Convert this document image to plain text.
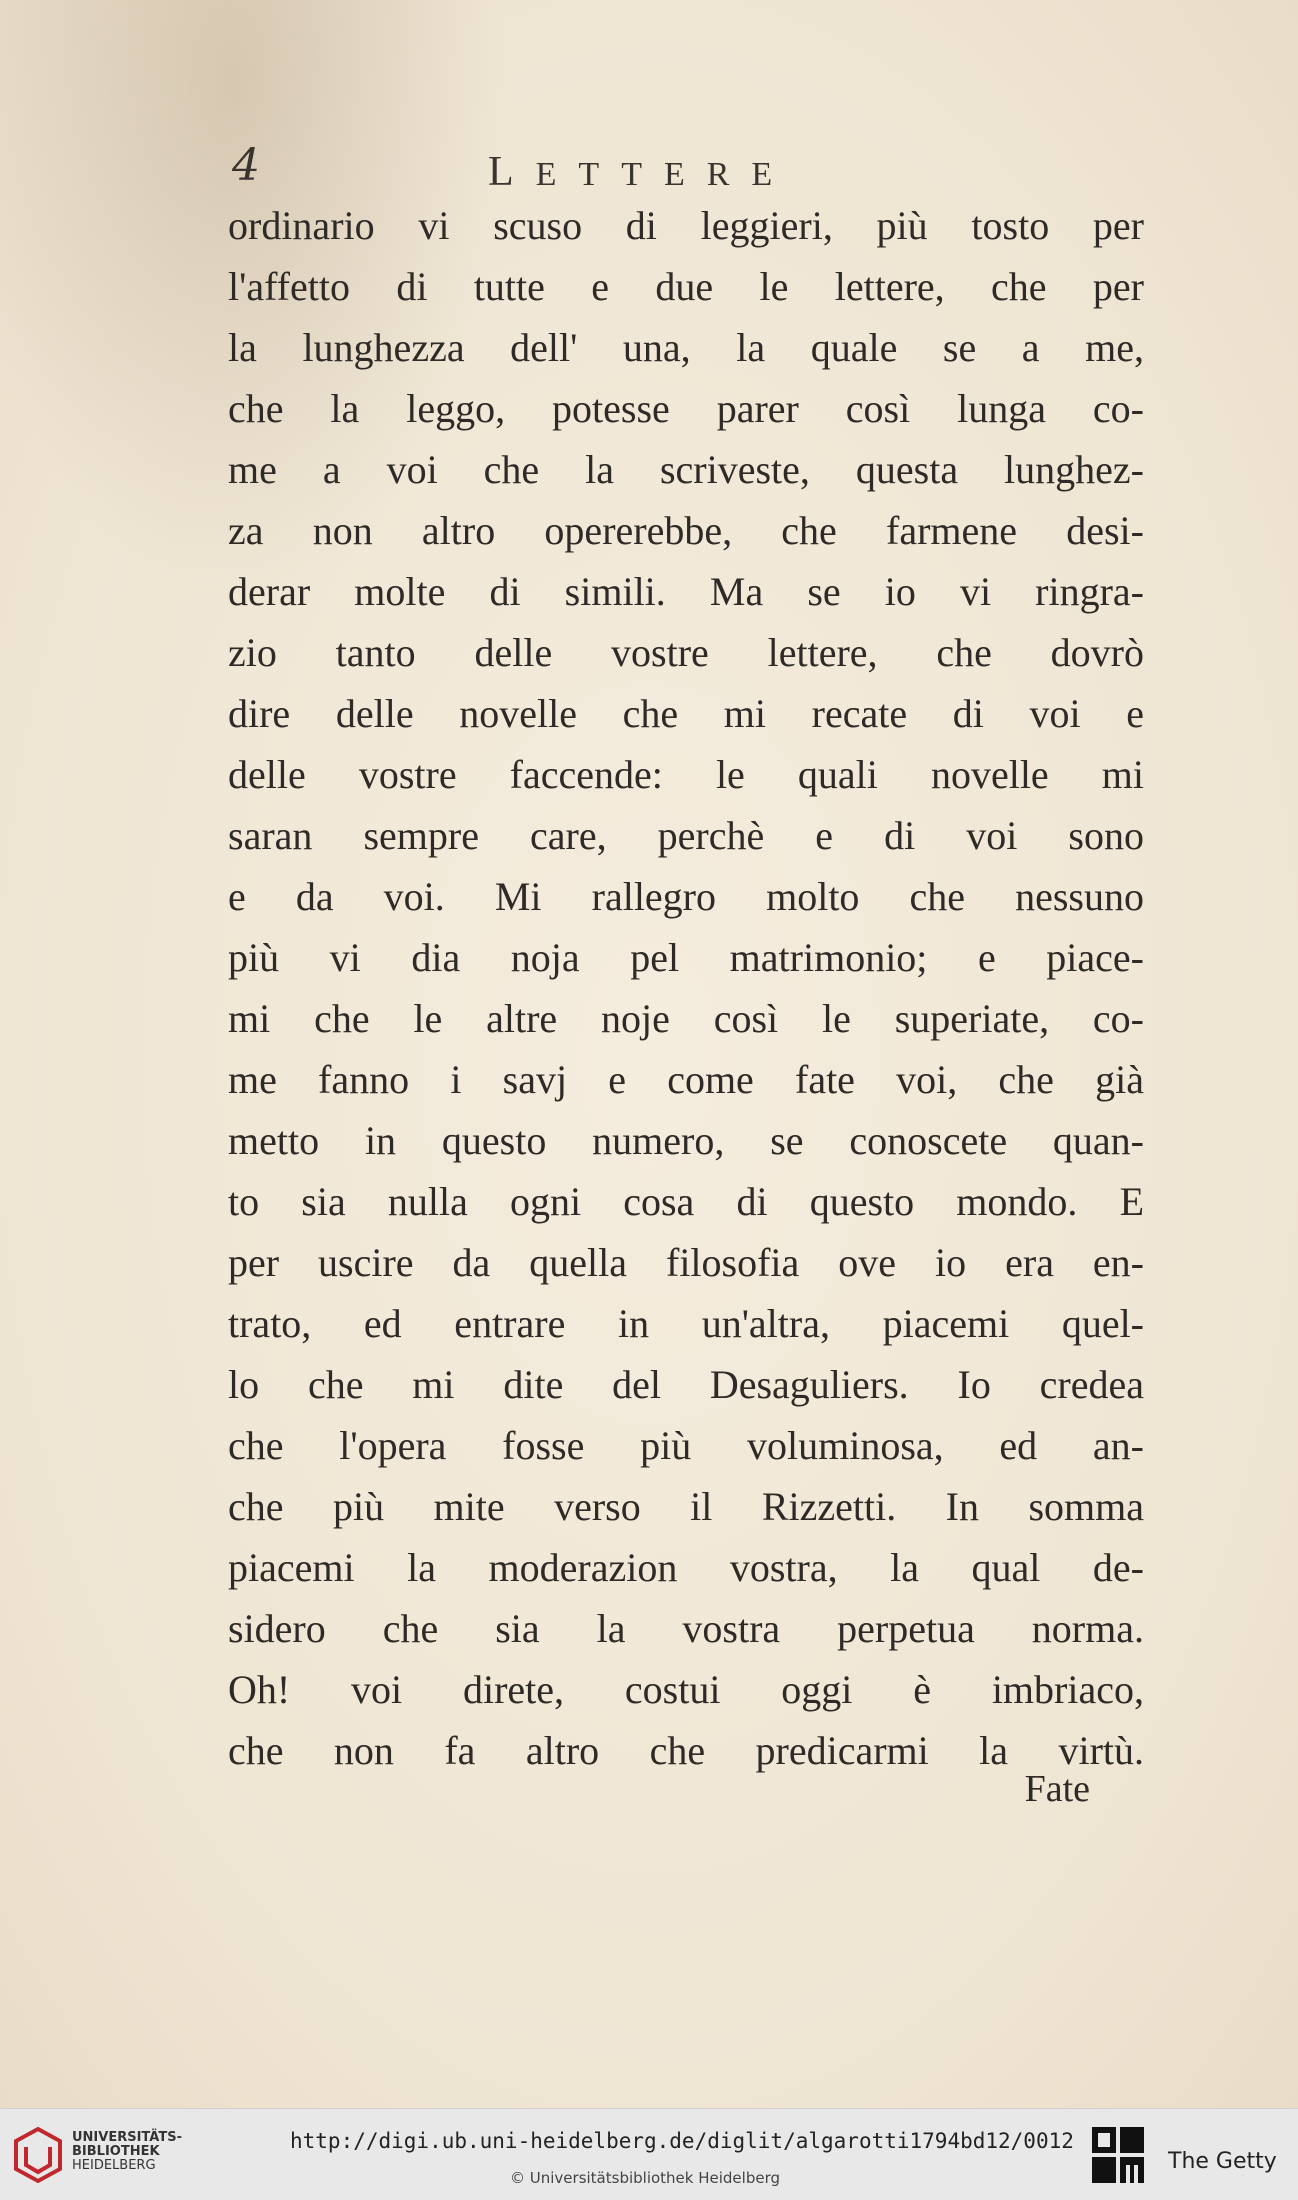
4	LETTERE
ordinario vi scuso di leggieri, più tosto per
l'affetto di tutte e due le lettere, che per
la lunghezza dell' una, la quale se a me,
che la leggo, potesse parer così lunga co-
me a voi che la scriveste, questa lunghez-
za non altro opererebbe, che farmene desi-
derar molte di simili. Ma se io vi ringra-
zio tanto delle vostre lettere, che dovrò
dire delle novelle che mi recate di voi e
delle vostre faccende: le quali novelle mi
saran sempre care, perchè e di voi sono
e da voi. Mi rallegro molto che nessuno
più vi dia noja pel matrimonio; e piace-
mi che le altre noje così le superiate, co-
me fanno i savj e come fate voi, che già
metto in questo numero, se conoscete quan-
to sia nulla ogni cosa di questo mondo. E
per uscire da quella filosofia ove io era en-
trato, ed entrare in un'altra, piacemi quel-
lo che mi dite del Desaguliers. Io credea
che l'opera fosse più voluminosa, ed an-
che più mite verso il Rizzetti. In somma
piacemi la moderazion vostra, la qual de-
sidero che sia la vostra perpetua norma.
Oh! voi direte, costui oggi è imbriaco,
che non fa altro che predicarmi la virtù.
Fate
UNIVERSITÄTS-
BIBLIOTHEK
HEIDELBERG
http://digi.ub.uni-heidelberg.de/diglit/algarotti1794bd12/0012
© Universitätsbibliothek Heidelberg
The Getty
